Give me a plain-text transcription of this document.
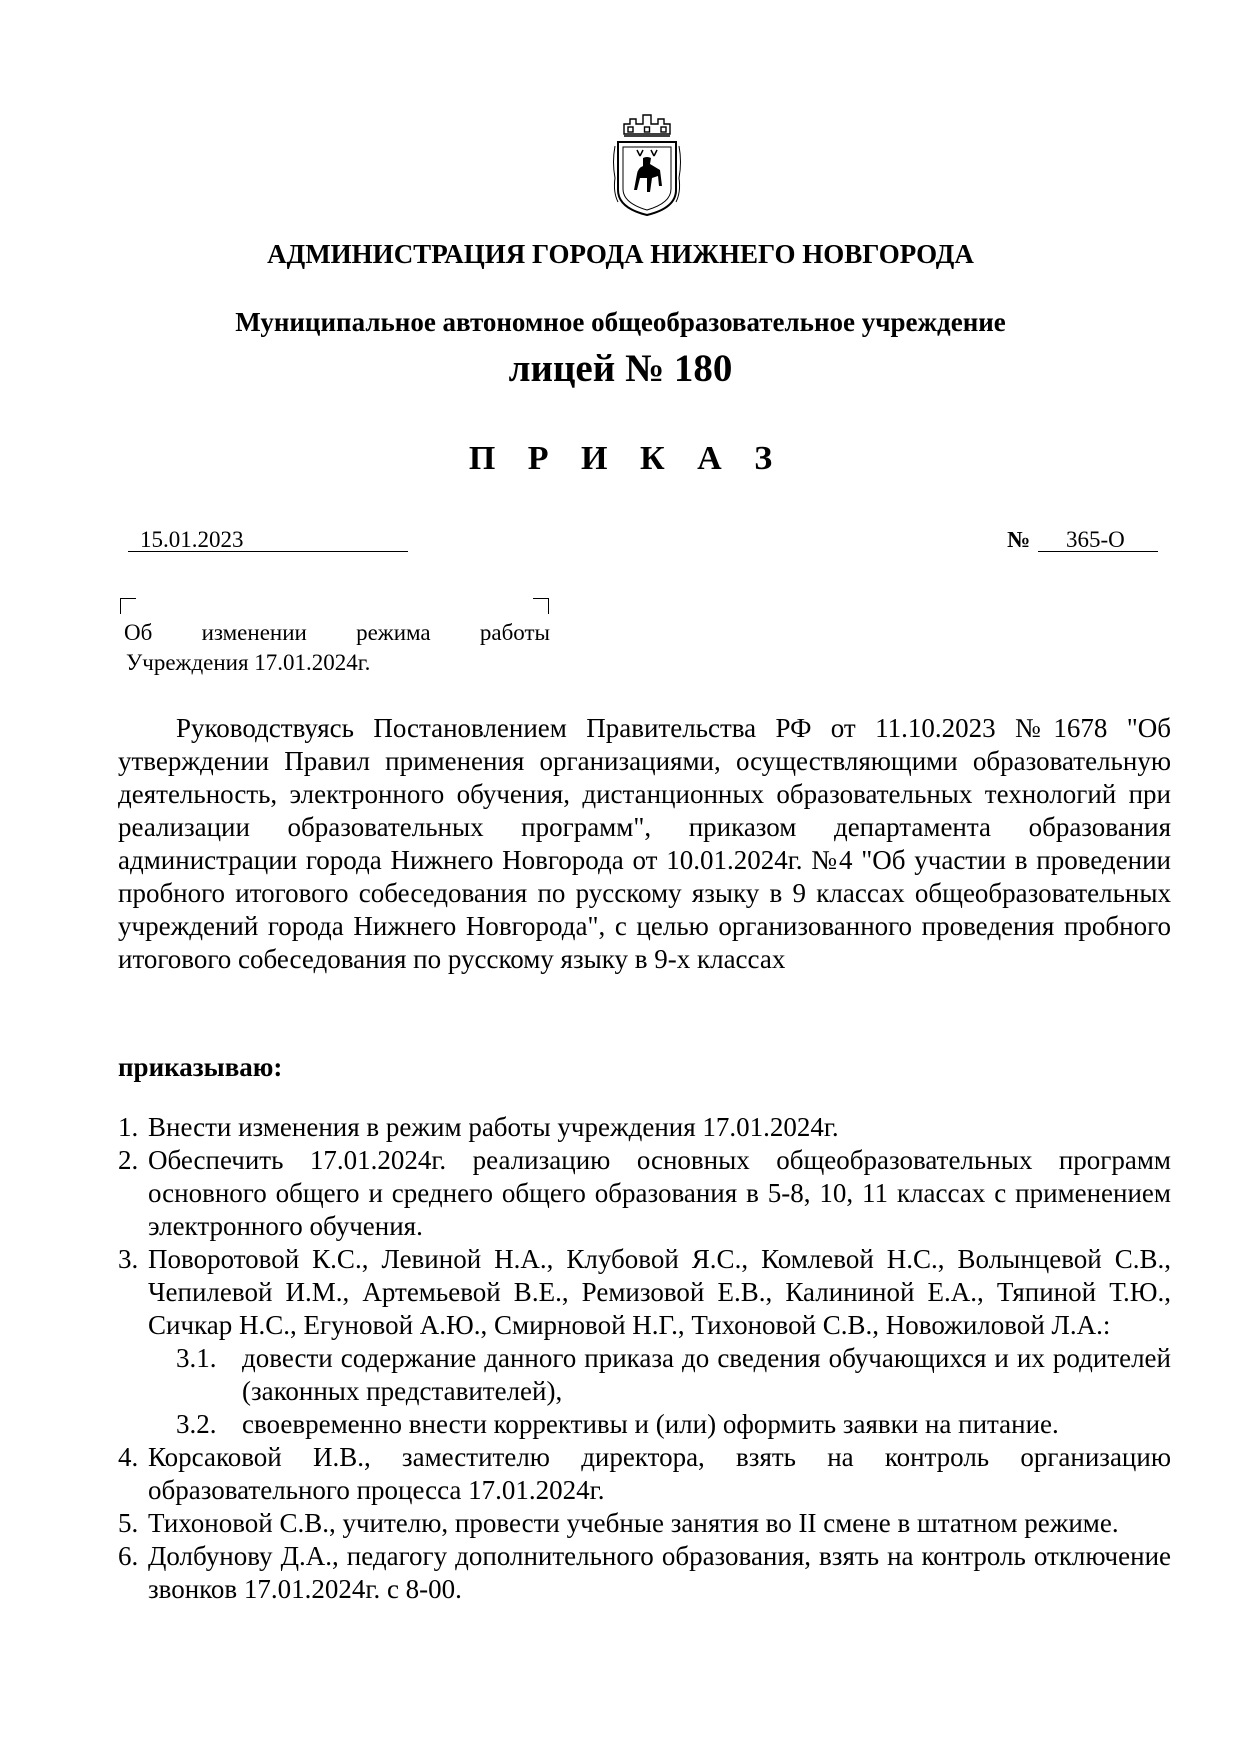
АДМИНИСТРАЦИЯ ГОРОДА НИЖНЕГО НОВГОРОДА
Муниципальное автономное общеобразовательное учреждение
лицей № 180
П Р И К А З
15.01.2023	№	365-О
Об изменении режима работы
Учреждения 17.01.2024г.
Руководствуясь Постановлением Правительства РФ от 11.10.2023 №1678 "Об утверждении Правил применения организациями, осуществляющими образовательную деятельность, электронного обучения, дистанционных образовательных технологий при реализации образовательных программ", приказом департамента образования администрации города Нижнего Новгорода от 10.01.2024г. №4 "Об участии в проведении пробного итогового собеседования по русскому языку в 9 классах общеобразовательных учреждений города Нижнего Новгорода", с целью организованного проведения пробного итогового собеседования по русскому языку в 9-х классах
приказываю:
1. Внести изменения в режим работы учреждения 17.01.2024г.
2. Обеспечить 17.01.2024г. реализацию основных общеобразовательных программ основного общего и среднего общего образования в 5-8, 10, 11 классах с применением электронного обучения.
3. Поворотовой К.С., Левиной Н.А., Клубовой Я.С., Комлевой Н.С., Волынцевой С.В., Чепилевой И.М., Артемьевой В.Е., Ремизовой Е.В., Калининой Е.А., Тяпиной Т.Ю., Сичкар Н.С., Егуновой А.Ю., Смирновой Н.Г., Тихоновой С.В., Новожиловой Л.А.:
3.1. довести содержание данного приказа до сведения обучающихся и их родителей (законных представителей),
3.2. своевременно внести коррективы и (или) оформить заявки на питание.
4. Корсаковой И.В., заместителю директора, взять на контроль организацию образовательного процесса 17.01.2024г.
5. Тихоновой С.В., учителю, провести учебные занятия во II смене в штатном режиме.
6. Долбунову Д.А., педагогу дополнительного образования, взять на контроль отключение звонков 17.01.2024г. с 8-00.
